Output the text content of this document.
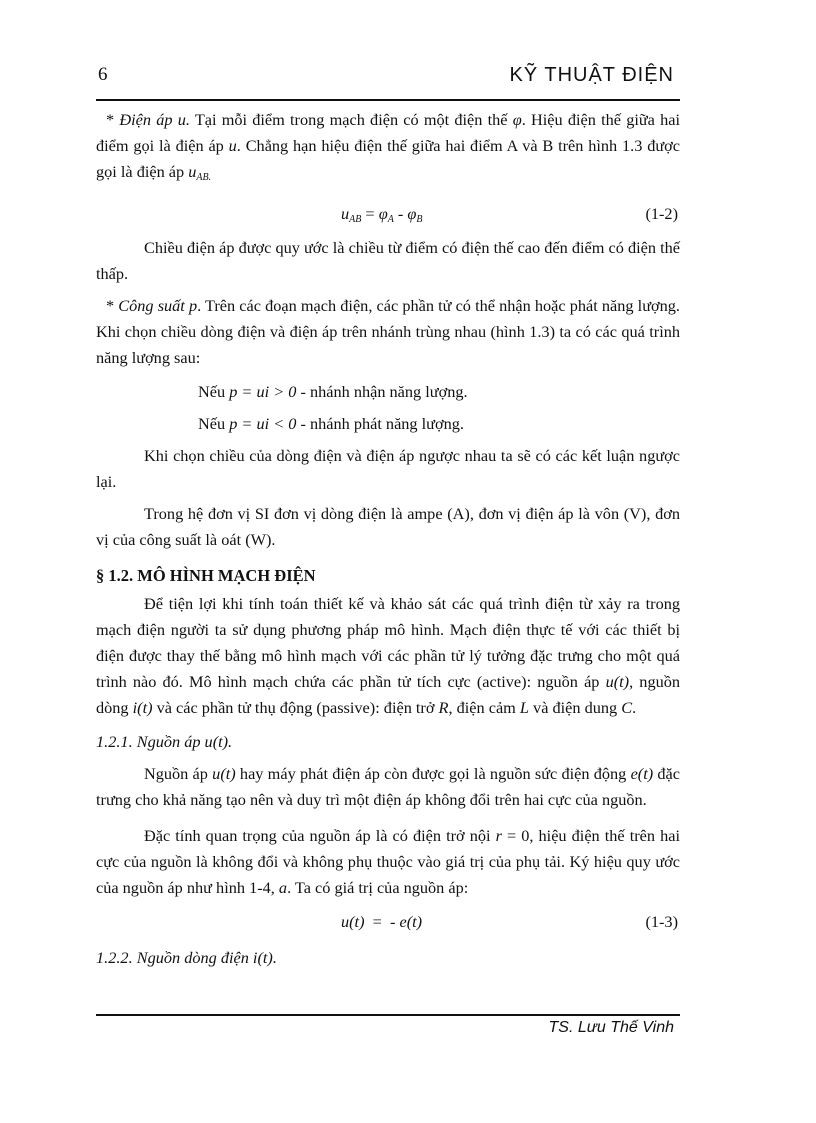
6	KỸ THUẬT ĐIỆN

* Điện áp u. Tại mỗi điểm trong mạch điện có một điện thế φ. Hiệu điện thế giữa hai điểm gọi là điện áp u. Chẳng hạn hiệu điện thế giữa hai điểm A và B trên hình 1.3 được gọi là điện áp $u_{AB.}$

$u_{AB} = \varphi_A - \varphi_B$	(1-2)

Chiều điện áp được quy ước là chiều từ điểm có điện thế cao đến điểm có điện thế thấp.

* Công suất p. Trên các đoạn mạch điện, các phần tử có thể nhận hoặc phát năng lượng. Khi chọn chiều dòng điện và điện áp trên nhánh trùng nhau (hình 1.3) ta có các quá trình năng lượng sau:

Nếu p = ui > 0 - nhánh nhận năng lượng.

Nếu p = ui < 0 - nhánh phát năng lượng.

Khi chọn chiều của dòng điện và điện áp ngược nhau ta sẽ có các kết luận ngược lại.

Trong hệ đơn vị SI đơn vị dòng điện là ampe (A), đơn vị điện áp là vôn (V), đơn vị của công suất là oát (W).

§ 1.2. MÔ HÌNH MẠCH ĐIỆN

Để tiện lợi khi tính toán thiết kế và khảo sát các quá trình điện từ xảy ra trong mạch điện người ta sử dụng phương pháp mô hình. Mạch điện thực tế với các thiết bị điện được thay thế bằng mô hình mạch với các phần tử lý tưởng đặc trưng cho một quá trình nào đó. Mô hình mạch chứa các phần tử tích cực (active): nguồn áp u(t), nguồn dòng i(t) và các phần tử thụ động (passive): điện trở R, điện cảm L và điện dung C.

1.2.1. Nguồn áp u(t).

Nguồn áp u(t) hay máy phát điện áp còn được gọi là nguồn sức điện động e(t) đặc trưng cho khả năng tạo nên và duy trì một điện áp không đổi trên hai cực của nguồn.

Đặc tính quan trọng của nguồn áp là có điện trở nội r = 0, hiệu điện thế trên hai cực của nguồn là không đổi và không phụ thuộc vào giá trị của phụ tải. Ký hiệu quy ước của nguồn áp như hình 1-4, a. Ta có giá trị của nguồn áp:

u(t)  =  - e(t)	(1-3)

1.2.2. Nguồn dòng điện i(t).

TS. Lưu Thế Vinh
